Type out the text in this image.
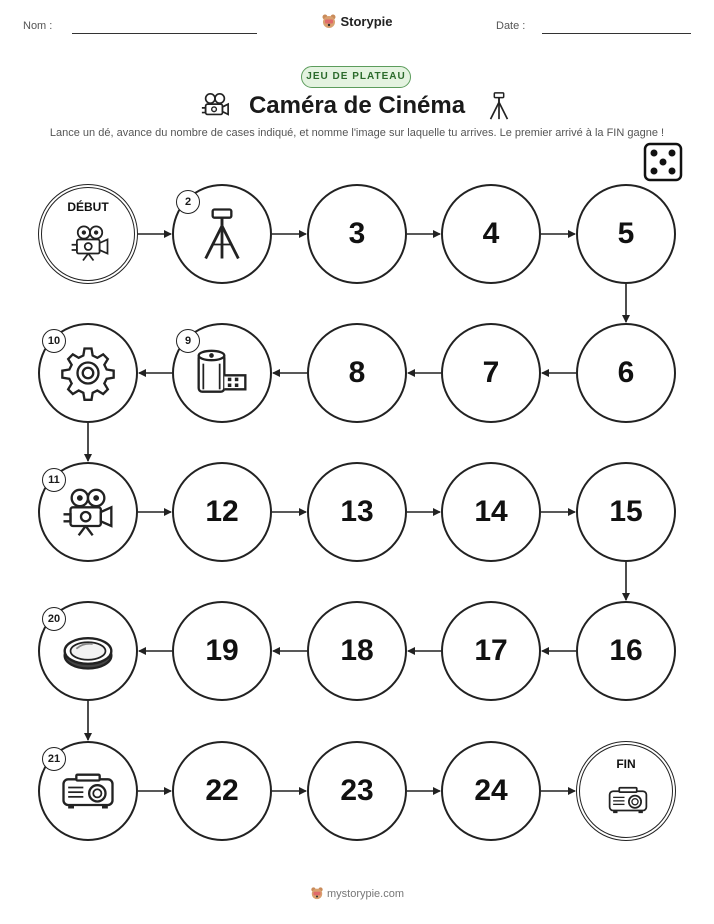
Nom :	Storypie	Date :
JEU DE PLATEAU
Caméra de Cinéma
Lance un dé, avance du nombre de cases indiqué, et nomme l'image sur laquelle tu arrives. Le premier arrivé à la FIN gagne !
DÉBUT	2
3	4	5
6
7
8
9
10
11
12	13	14	15
16
17
18
19
20
21
22	23	24
FIN
mystorypie.com
